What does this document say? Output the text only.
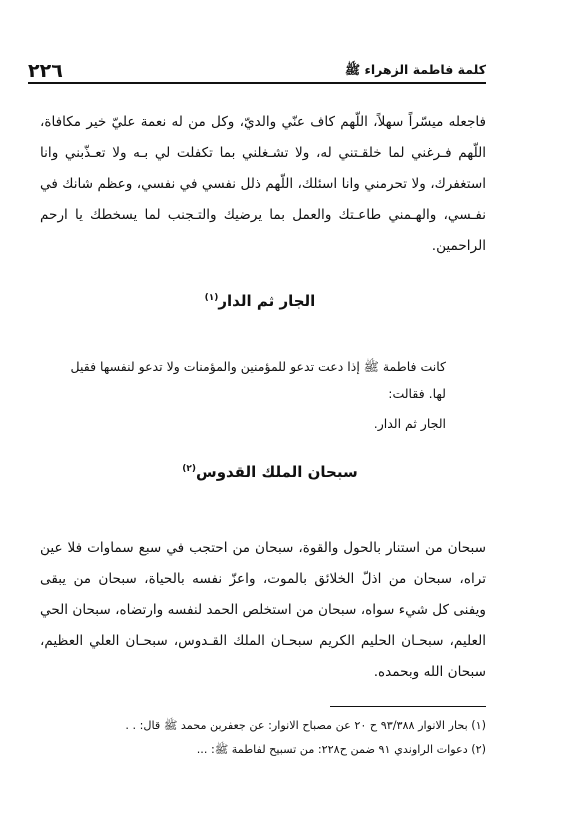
٢٢٦	كلمة فاطمة الزهراء ﷺ
فاجعله ميسّراً سهلاً، اللّهم كاف عنّي والديّ، وكل من له نعمة عليّ خير مكافاة، اللّهم فـرغني لما خلقـتني له، ولا تشـغلني بما تكفلت لي بـه ولا تعـذّبني وانا استغفرك، ولا تحرمني وانا اسئلك، اللّهم ذلل نفسي في نفسي، وعظم شانك في نفـسي، والهـمني طاعـتك والعمل بما يرضيك والتـجنب لما يسخطك يا ارحم الراحمين.
الجار ثم الدار$^{(١)}$
كانت فاطمة ﷺ إذا دعت تدعو للمؤمنين والمؤمنات ولا تدعو لنفسها فقيل لها. فقالت:
الجار ثم الدار.
سبحان الملك القدوس$^{(٢)}$
سبحان من استنار بالحول والقوة، سبحان من احتجب في سبع سماوات فلا عين تراه، سبحان من اذلّ الخلائق بالموت، واعزّ نفسه بالحياة، سبحان من يبقى ويفنى كل شيء سواه، سبحان من استخلص الحمد لنفسه وارتضاه، سبحان الحي العليم، سبحـان الحليم الكريم سبحـان الملك القـدوس، سبحـان العلي العظيم، سبحان الله وبحمده.
(١) بحار الانوار ٩٣/٣٨٨ ح ٢٠ عن مصباح الانوار: عن جعفربن محمد ﷺ قال: . .
(٢) دعوات الراوندي ٩١ ضمن ح٢٢٨: من تسبيح لفاطمة ﷺ: ...
